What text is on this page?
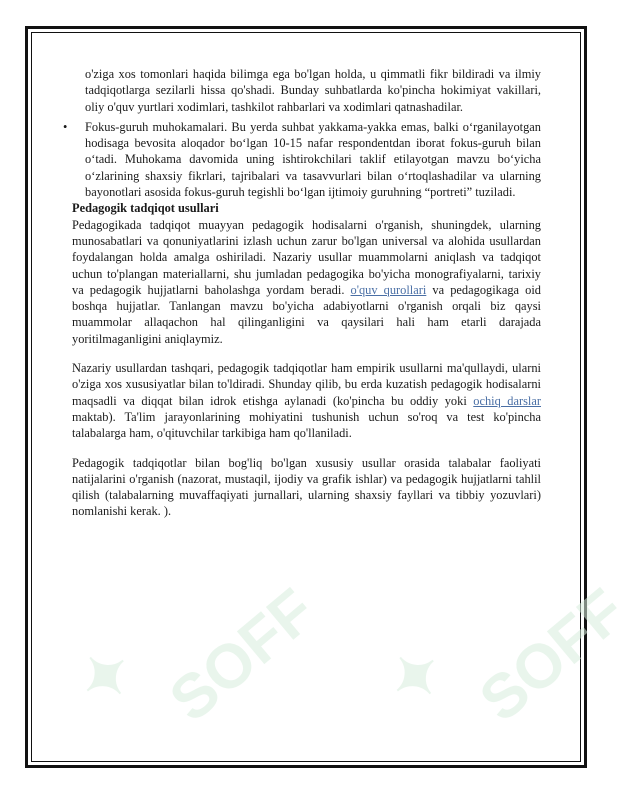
✦ SOFF ✦ SOFF

o'ziga xos tomonlari haqida bilimga ega bo'lgan holda, u qimmatli fikr bildiradi va ilmiy tadqiqotlarga sezilarli hissa qo'shadi. Bunday suhbatlarda ko'pincha hokimiyat vakillari, oliy o'quv yurtlari xodimlari, tashkilot rahbarlari va xodimlari qatnashadilar.

• Fokus-guruh muhokamalari. Bu yerda suhbat yakkama-yakka emas, balki o‘rganilayotgan hodisaga bevosita aloqador bo‘lgan 10-15 nafar respondentdan iborat fokus-guruh bilan o‘tadi. Muhokama davomida uning ishtirokchilari taklif etilayotgan mavzu bo‘yicha o‘zlarining shaxsiy fikrlari, tajribalari va tasavvurlari bilan o‘rtoqlashadilar va ularning bayonotlari asosida fokus-guruh tegishli bo‘lgan ijtimoiy guruhning “portreti” tuziladi.

Pedagogik tadqiqot usullari

Pedagogikada tadqiqot muayyan pedagogik hodisalarni o'rganish, shuningdek, ularning munosabatlari va qonuniyatlarini izlash uchun zarur bo'lgan universal va alohida usullardan foydalangan holda amalga oshiriladi. Nazariy usullar muammolarni aniqlash va tadqiqot uchun to'plangan materiallarni, shu jumladan pedagogika bo'yicha monografiyalarni, tarixiy va pedagogik hujjatlarni baholashga yordam beradi. o'quv qurollari va pedagogikaga oid boshqa hujjatlar. Tanlangan mavzu bo'yicha adabiyotlarni o'rganish orqali biz qaysi muammolar allaqachon hal qilinganligini va qaysilari hali ham etarli darajada yoritilmaganligini aniqlaymiz.

Nazariy usullardan tashqari, pedagogik tadqiqotlar ham empirik usullarni ma'qullaydi, ularni o'ziga xos xususiyatlar bilan to'ldiradi. Shunday qilib, bu erda kuzatish pedagogik hodisalarni maqsadli va diqqat bilan idrok etishga aylanadi (ko'pincha bu oddiy yoki ochiq darslar maktab). Ta'lim jarayonlarining mohiyatini tushunish uchun so'roq va test ko'pincha talabalarga ham, o'qituvchilar tarkibiga ham qo'llaniladi.

Pedagogik tadqiqotlar bilan bog'liq bo'lgan xususiy usullar orasida talabalar faoliyati natijalarini o'rganish (nazorat, mustaqil, ijodiy va grafik ishlar) va pedagogik hujjatlarni tahlil qilish (talabalarning muvaffaqiyati jurnallari, ularning shaxsiy fayllari va tibbiy yozuvlari) nomlanishi kerak. ).
